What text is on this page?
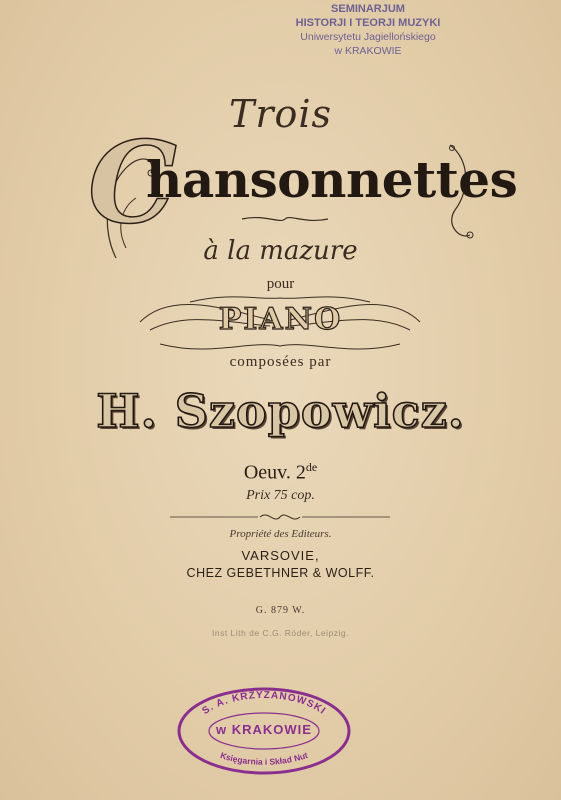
SEMINARJUM
HISTORJI I TEORJI MUZYKI
Uniwersytetu Jagiellońskiego
w KRAKOWIE
Trois
C
hansonnettes
à la mazure
pour
PIANO
composées par
H. Szopowicz.
Oeuv. 2de
Prix 75 cop.
Propriété des Editeurs.
VARSOVIE,
CHEZ GEBETHNER & WOLFF.
G. 879 W.
Inst Lith de C.G. Röder, Leipzig.
S. A. KRZYŻANOWSKI
Księgarnia i Skład Nut
w KRAKOWIE
